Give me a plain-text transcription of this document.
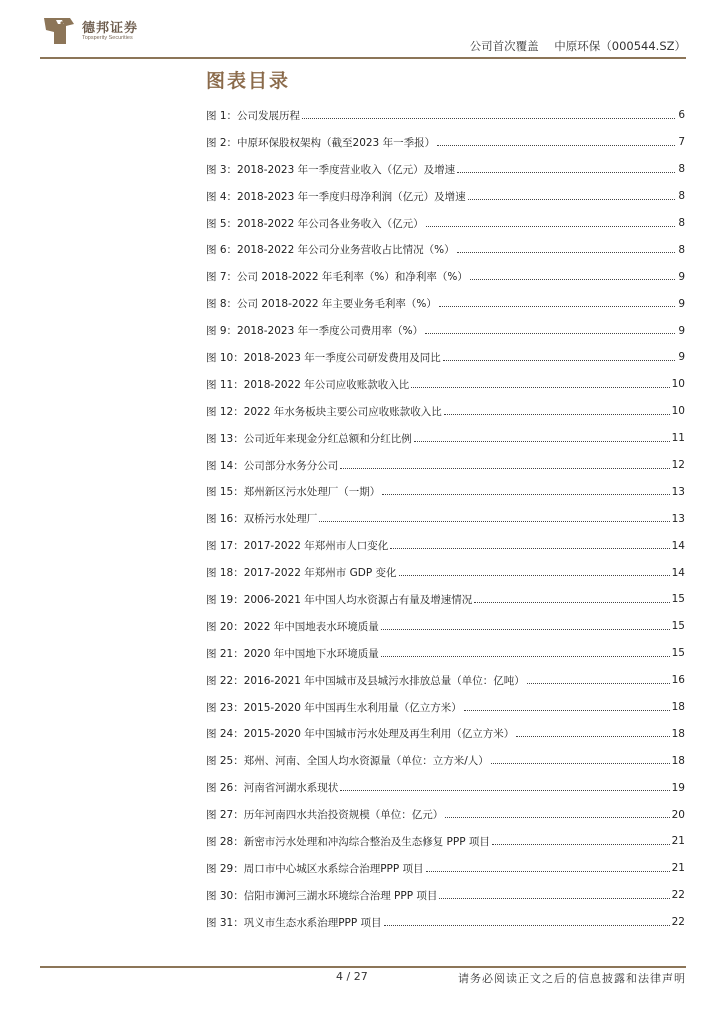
德邦证券
Topsperity Securities
公司首次覆盖 中原环保（000544.SZ）
图表目录
图 1：公司发展历程	6
图 2：中原环保股权架构（截至2023 年一季报）	7
图 3：2018-2023 年一季度营业收入（亿元）及增速	8
图 4：2018-2023 年一季度归母净利润（亿元）及增速	8
图 5：2018-2022 年公司各业务收入（亿元）	8
图 6：2018-2022 年公司分业务营收占比情况（%）	8
图 7：公司 2018-2022 年毛利率（%）和净利率（%）	9
图 8：公司 2018-2022 年主要业务毛利率（%）	9
图 9：2018-2023 年一季度公司费用率（%）	9
图 10：2018-2023 年一季度公司研发费用及同比	9
图 11：2018-2022 年公司应收账款收入比	10
图 12：2022 年水务板块主要公司应收账款收入比	10
图 13：公司近年来现金分红总额和分红比例	11
图 14：公司部分水务分公司	12
图 15：郑州新区污水处理厂（一期）	13
图 16：双桥污水处理厂	13
图 17：2017-2022 年郑州市人口变化	14
图 18：2017-2022 年郑州市 GDP 变化	14
图 19：2006-2021 年中国人均水资源占有量及增速情况	15
图 20：2022 年中国地表水环境质量	15
图 21：2020 年中国地下水环境质量	15
图 22：2016-2021 年中国城市及县城污水排放总量（单位：亿吨）	16
图 23：2015-2020 年中国再生水利用量（亿立方米）	18
图 24：2015-2020 年中国城市污水处理及再生利用（亿立方米）	18
图 25：郑州、河南、全国人均水资源量（单位：立方米/人）	18
图 26：河南省河湖水系现状	19
图 27：历年河南四水共治投资规模（单位：亿元）	20
图 28：新密市污水处理和冲沟综合整治及生态修复 PPP 项目	21
图 29：周口市中心城区水系综合治理PPP 项目	21
图 30：信阳市浉河三湖水环境综合治理 PPP 项目	22
图 31：巩义市生态水系治理PPP 项目	22
4 / 27	请务必阅读正文之后的信息披露和法律声明
